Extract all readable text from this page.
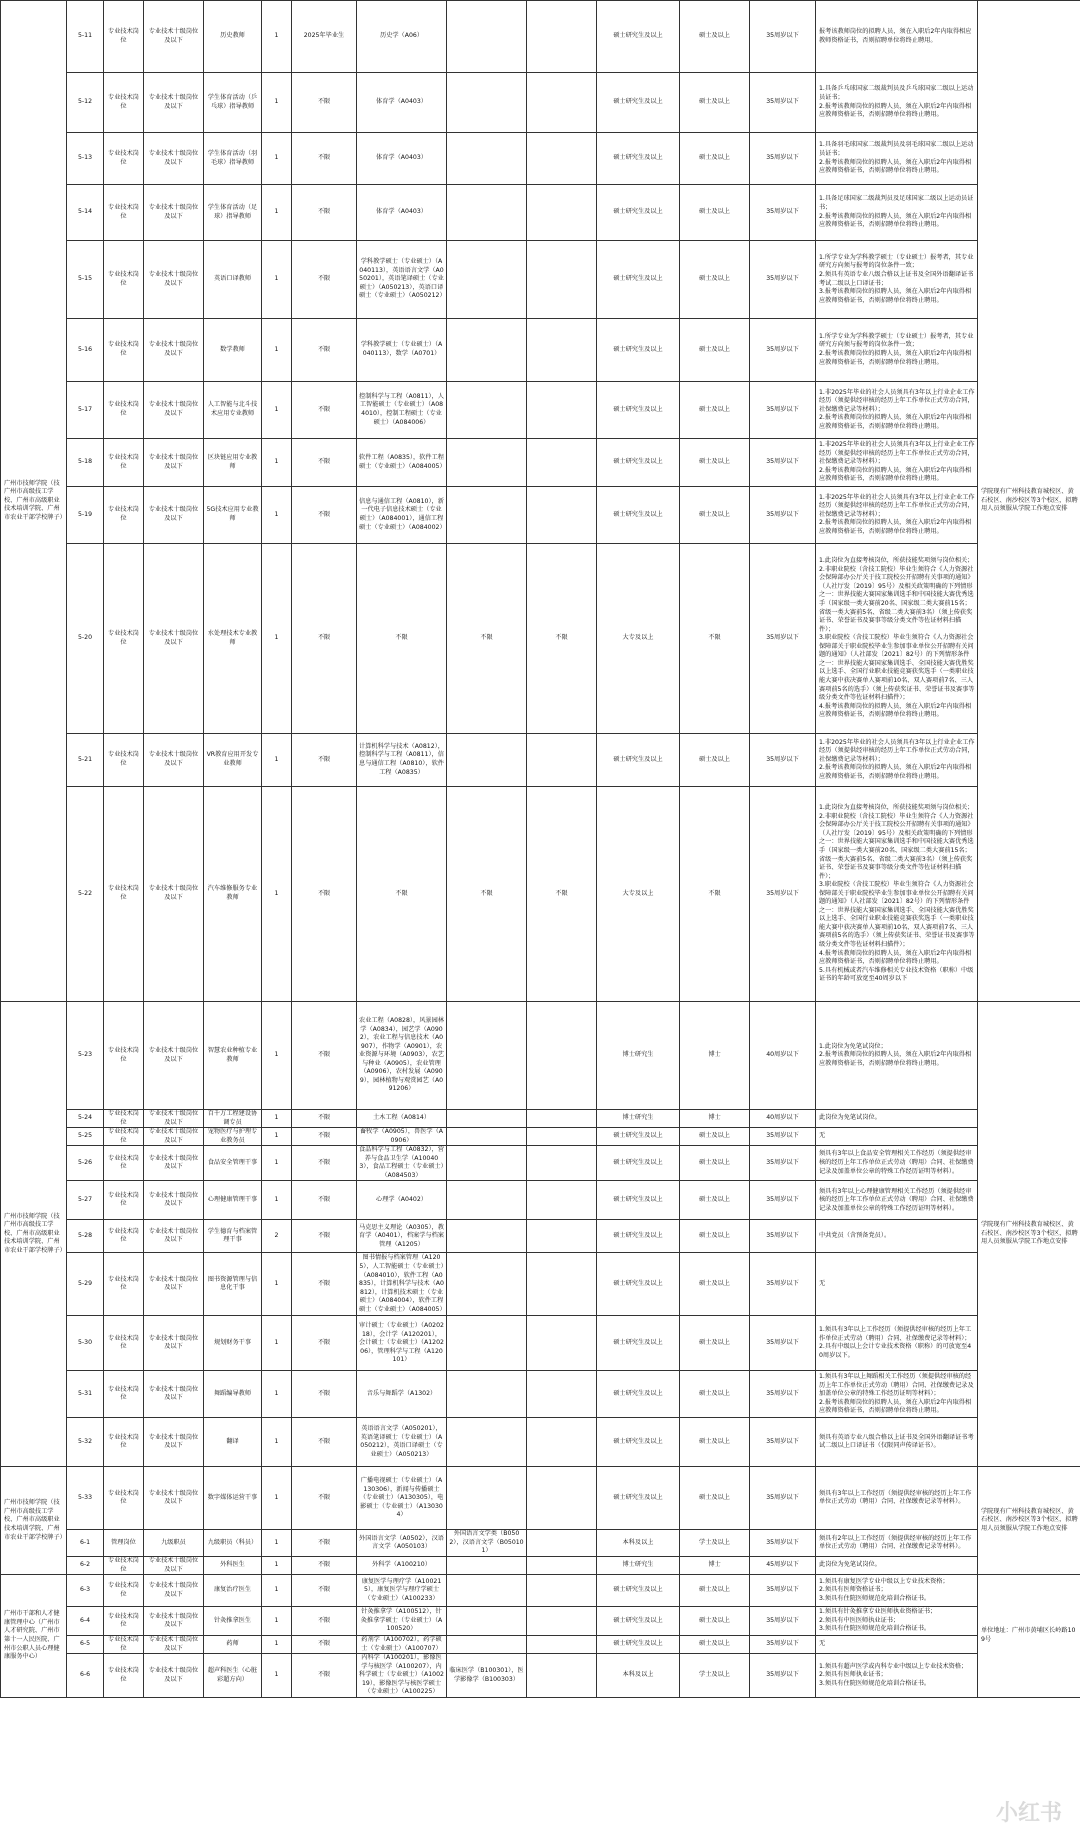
广州市技师学院（技广州市高级技工学校、广州市高级职业技术培训学院、广州市农业干部学校牌子）	5-11	专业技术岗位	专业技术十级岗位及以下	历史教师	1	2025年毕业生	历史学（A06）			硕士研究生及以上	硕士及以上	35周岁以下	报考该教师岗位的拟聘人员，须在入职后2年内取得相应教师资格证书，否则招聘单位将终止聘用。	学院现有广州科技教育城校区、黄石校区、南沙校区等3个校区，拟聘用人员须服从学院工作地点安排
	5-12	专业技术岗位	专业技术十级岗位及以下	学生体育活动（乒乓球）指导教师	1	不限	体育学（A0403）			硕士研究生及以上	硕士及以上	35周岁以下	1.具备乒乓球国家二级裁判员及乒乓球国家二级以上运动员证书；
2.报考该教师岗位的拟聘人员，须在入职后2年内取得相应教师资格证书，否则招聘单位将终止聘用。	
	5-13	专业技术岗位	专业技术十级岗位及以下	学生体育活动（羽毛球）指导教师	1	不限	体育学（A0403）			硕士研究生及以上	硕士及以上	35周岁以下	1.具备羽毛球国家二级裁判员及羽毛球国家二级以上运动员证书；
2.报考该教师岗位的拟聘人员，须在入职后2年内取得相应教师资格证书，否则招聘单位将终止聘用。	
	5-14	专业技术岗位	专业技术十级岗位及以下	学生体育活动（足球）指导教师	1	不限	体育学（A0403）			硕士研究生及以上	硕士及以上	35周岁以下	1.具备足球国家二级裁判员及足球国家二级以上运动员证书；
2.报考该教师岗位的拟聘人员，须在入职后2年内取得相应教师资格证书，否则招聘单位将终止聘用。	
	5-15	专业技术岗位	专业技术十级岗位及以下	英语口译教师	1	不限	学科教学硕士（专业硕士）（A040113），英语语言文学（A050201），英语笔译硕士（专业硕士）（A050213），英语口译硕士（专业硕士）（A050212）			硕士研究生及以上	硕士及以上	35周岁以下	1.所学专业为学科教学硕士（专业硕士）报考者，其专业研究方向须与报考的岗位条件一致；
2.须具有英语专业八级合格以上证书及全国外语翻译证书考试二级以上口译证书；
3.报考该教师岗位的拟聘人员，须在入职后2年内取得相应教师资格证书，否则招聘单位将终止聘用。	
	5-16	专业技术岗位	专业技术十级岗位及以下	数学教师	1	不限	学科教学硕士（专业硕士）（A040113），数学（A0701）			硕士研究生及以上	硕士及以上	35周岁以下	1.所学专业为学科教学硕士（专业硕士）报考者，其专业研究方向须与报考的岗位条件一致；
2.报考该教师岗位的拟聘人员，须在入职后2年内取得相应教师资格证书，否则招聘单位将终止聘用。	
	5-17	专业技术岗位	专业技术十级岗位及以下	人工智能与北斗技术应用专业教师	1	不限	控制科学与工程（A0811），人工智能硕士（专业硕士）（A084010），控制工程硕士（专业硕士）（A084006）			硕士研究生及以上	硕士及以上	35周岁以下	1.非2025年毕业的社会人员须具有3年以上行业企业工作经历（须提供经审核的经历上年工作单位正式劳动合同，社保缴费记录等材料）；
2.报考该教师岗位的拟聘人员，须在入职后2年内取得相应教师资格证书，否则招聘单位将终止聘用。	
	5-18	专业技术岗位	专业技术十级岗位及以下	区块链应用专业教师	1	不限	软件工程（A0835），软件工程硕士（专业硕士）（A084005）			硕士研究生及以上	硕士及以上	35周岁以下	1.非2025年毕业的社会人员须具有3年以上行业企业工作经历（须提供经审核的经历上年工作单位正式劳动合同，社保缴费记录等材料）；
2.报考该教师岗位的拟聘人员，须在入职后2年内取得相应教师资格证书，否则招聘单位将终止聘用。	
	5-19	专业技术岗位	专业技术十级岗位及以下	5G技术应用专业教师	1	不限	信息与通信工程（A0810），新一代电子信息技术硕士（专业硕士）（A084001），通信工程硕士（专业硕士）（A084002）			硕士研究生及以上	硕士及以上	35周岁以下	1.非2025年毕业的社会人员须具有3年以上行业企业工作经历（须提供经审核的经历上年工作单位正式劳动合同，社保缴费记录等材料）；
2.报考该教师岗位的拟聘人员，须在入职后2年内取得相应教师资格证书，否则招聘单位将终止聘用。	
	5-20	专业技术岗位	专业技术十级岗位及以下	水处理技术专业教师	1	不限	不限	不限	不限	大专及以上	不限	35周岁以下	1.此岗位为直接考核岗位，所获技能奖项须与岗位相关；
2.非职业院校（含技工院校）毕业生须符合《人力资源社会保障部办公厅关于技工院校公开招聘有关事项的通知》（人社厅发〔2019〕95号）及相关政策明确的下列情形之一：世界技能大赛国家集训选手和中国技能大赛优秀选手（国家级一类大赛前20名、国家级二类大赛前15名；省级一类大赛前5名、省级二类大赛前3名）（须上传获奖证书、荣誉证书及赛事等级分类文件等佐证材料扫描件）；
3.职业院校（含技工院校）毕业生须符合《人力资源社会保障部关于职业院校毕业生参加事业单位公开招聘有关问题的通知》（人社部发〔2021〕82号）的下列情形条件之一：世界技能大赛国家集训选手、全国技能大赛优胜奖以上选手、全国行业职业技能竞赛获奖选手（一类职业技能大赛中获决赛单人赛项前10名、双人赛项前7名、三人赛项前5名的选手）（须上传获奖证书、荣誉证书及赛事等级分类文件等佐证材料扫描件）；
4.报考该教师岗位的拟聘人员，须在入职后2年内取得相应教师资格证书，否则招聘单位将终止聘用。	
	5-21	专业技术岗位	专业技术十级岗位及以下	VR教育应用开发专业教师	1	不限	计算机科学与技术（A0812），控制科学与工程（A0811），信息与通信工程（A0810），软件工程（A0835）			硕士研究生及以上	硕士及以上	35周岁以下	1.非2025年毕业的社会人员须具有3年以上行业企业工作经历（须提供经审核的经历上年工作单位正式劳动合同，社保缴费记录等材料）；
2.报考该教师岗位的拟聘人员，须在入职后2年内取得相应教师资格证书，否则招聘单位将终止聘用。	
	5-22	专业技术岗位	专业技术十级岗位及以下	汽车维修服务专业教师	1	不限	不限	不限	不限	大专及以上	不限	35周岁以下	1.此岗位为直接考核岗位，所获技能奖项须与岗位相关；
2.非职业院校（含技工院校）毕业生须符合《人力资源社会保障部办公厅关于技工院校公开招聘有关事项的通知》（人社厅发〔2019〕95号）及相关政策明确的下列情形之一：世界技能大赛国家集训选手和中国技能大赛优秀选手（国家级一类大赛前20名、国家级二类大赛前15名；省级一类大赛前5名、省级二类大赛前3名）（须上传获奖证书、荣誉证书及赛事等级分类文件等佐证材料扫描件）；
3.职业院校（含技工院校）毕业生须符合《人力资源社会保障部关于职业院校毕业生参加事业单位公开招聘有关问题的通知》（人社部发〔2021〕82号）的下列情形条件之一：世界技能大赛国家集训选手、全国技能大赛优胜奖以上选手、全国行业职业技能竞赛获奖选手（一类职业技能大赛中获决赛单人赛项前10名、双人赛项前7名、三人赛项前5名的选手）（须上传获奖证书、荣誉证书及赛事等级分类文件等佐证材料扫描件）；
4.报考该教师岗位的拟聘人员，须在入职后2年内取得相应教师资格证书，否则招聘单位将终止聘用。
5.具有机械或者汽车维修相关专业技术资格（职称）中级证书的年龄可放宽至40周岁以下	
广州市技师学院（技广州市高级技工学校、广州市高级职业技术培训学院、广州市农业干部学校牌子）	5-23	专业技术岗位	专业技术十级岗位及以下	智慧农业种植专业教师	1	不限	农业工程（A0828），风景园林学（A0834），园艺学（A0902），农业工程与信息技术（A0907），作物学（A0901），农业资源与环境（A0903），农艺与种业（A0905），农业管理（A0906），农村发展（A0909），园林植物与观赏园艺（A091206）			博士研究生	博士	40周岁以下	1.此岗位为免笔试岗位；
2.报考该教师岗位的拟聘人员，须在入职后2年内取得相应教师资格证书，否则招聘单位将终止聘用。	学院现有广州科技教育城校区、黄石校区、南沙校区等3个校区，拟聘用人员须服从学院工作地点安排
	5-24	专业技术岗位	专业技术十级岗位及以下	百千万工程建设协调专员	1	不限	土木工程（A0814）			博士研究生	博士	40周岁以下	此岗位为免笔试岗位。	
	5-25	专业技术岗位	专业技术十级岗位及以下	宠物医疗与护理专业教务员	1	不限	畜牧学（A0905），兽医学（A0906）			硕士研究生及以上	硕士及以上	35周岁以下	无	
	5-26	专业技术岗位	专业技术十级岗位及以下	食品安全管理干事	1	不限	食品科学与工程（A0832），营养与食品卫生学（A100403），食品工程硕士（专业硕士）（A084503）			硕士研究生及以上	硕士及以上	35周岁以下	须具有3年以上食品安全管理相关工作经历（须提供经审核的经历上年工作单位正式劳动（聘用）合同、社保缴费记录及加盖单位公章的特殊工作经历证明等材料）。	
	5-27	专业技术岗位	专业技术十级岗位及以下	心理健康管理干事	1	不限	心理学（A0402）			硕士研究生及以上	硕士及以上	35周岁以下	须具有3年以上心理健康管理相关工作经历（须提供经审核的经历上年工作单位正式劳动（聘用）合同、社保缴费记录及加盖单位公章的特殊工作经历证明等材料）。	
	5-28	专业技术岗位	专业技术十级岗位及以下	学生德育与档案管理干事	2	不限	马克思主义理论（A0305），教育学（A0401），档案学与档案管理（A1205）			硕士研究生及以上	硕士及以上	35周岁以下	中共党员（含预备党员）。	
	5-29	专业技术岗位	专业技术十级岗位及以下	图书资源管理与信息化干事	1	不限	图书情报与档案管理（A1205），人工智能硕士（专业硕士）（A084010），软件工程（A0835），计算机科学与技术（A0812），计算机技术硕士（专业硕士）（A084004），软件工程硕士（专业硕士）（A084005）			硕士研究生及以上	硕士及以上	35周岁以下	无	
	5-30	专业技术岗位	专业技术十级岗位及以下	规划财务干事	1	不限	审计硕士（专业硕士）（A020218），会计学（A120201），会计硕士（专业硕士）（A120206），管理科学与工程（A120101）			硕士研究生及以上	硕士及以上	35周岁以下	1.须具有3年以上工作经历（须提供经审核的经历上年工作单位正式劳动（聘用）合同、社保缴费记录等材料）；
2.具有中级以上会计专业技术资格（职称）的可放宽至40周岁以下。	
	5-31	专业技术岗位	专业技术十级岗位及以下	舞蹈编导教师	1	不限	音乐与舞蹈学（A1302）			硕士研究生及以上	硕士及以上	35周岁以下	1.须具有3年以上舞蹈相关工作经历（须提供经审核的经历上年工作单位正式劳动（聘用）合同、社保缴费记录及加盖单位公章的特殊工作经历证明等材料）；
2.报考该教师岗位的拟聘人员，须在入职后2年内取得相应教师资格证书，否则招聘单位将终止聘用。	
	5-32	专业技术岗位	专业技术十级岗位及以下	翻译	1	不限	英语语言文学（A050201），英语笔译硕士（专业硕士）（A050212），英语口译硕士（专业硕士）（A050213）			硕士研究生及以上	硕士及以上	35周岁以下	须具有英语专业八级合格以上证书及全国外语翻译证书考试二级以上口译证书（仅限同声传译证书）。	
广州市技师学院（技广州市高级技工学校、广州市高级职业技术培训学院、广州市农业干部学校牌子）	5-33	专业技术岗位	专业技术十级岗位及以下	数字媒体运营干事	1	不限	广播电视硕士（专业硕士）（A130306），新闻与传播硕士（专业硕士）（A130305），电影硕士（专业硕士）（A130304）			硕士研究生及以上	硕士及以上	35周岁以下	须具有3年以上工作经历（须提供经审核的经历上年工作单位正式劳动（聘用）合同、社保缴费记录等材料）。	学院现有广州科技教育城校区、黄石校区、南沙校区等3个校区，拟聘用人员须服从学院工作地点安排
	6-1	管理岗位	九级职员	九级职员（科员）	1	不限	外国语言文学（A0502），汉语言文学（A050103）	外国语言文学类（B0502），汉语言文学（B050101）		本科及以上	学士及以上	35周岁以下	须具有2年以上工作经历（须提供经审核的经历上年工作单位正式劳动（聘用）合同、社保缴费记录等材料）。	
	6-2	专业技术岗位	专业技术十级岗位及以下	外科医生	1	不限	外科学（A100210）			博士研究生	博士	45周岁以下	此岗位为免笔试岗位。	
广州市干部和人才健康管理中心（广州市人才研究院、广州市第十一人民医院、广州市公职人员心理健康服务中心）	6-3	专业技术岗位	专业技术十级岗位及以下	康复治疗医生	1	不限	康复医学与理疗学（A100215），康复医学与理疗学硕士（专业硕士）（A100233）			硕士研究生及以上	硕士及以上	35周岁以下	1.须具有康复医学专业中级以上专业技术资格；
2.须具有医师资格证书；
3.须具有住院医师规范化培训合格证书。	单位地址：广州市黄埔区长岭路109号
	6-4	专业技术岗位	专业技术十级岗位及以下	针灸推拿医生	1	不限	针灸推拿学（A100512），针灸推拿学硕士（专业硕士）（A100520）			硕士研究生及以上	硕士及以上	35周岁以下	1.须具有针灸推拿专业医师执业资格证书；
2.须具有中医医师执业证书；
3.须具有住院医师规范化培训合格证书。	
	6-5	专业技术岗位	专业技术十级岗位及以下	药师	1	不限	药剂学（A100702），药学硕士（专业硕士）（A100707）			硕士研究生及以上	硕士及以上	35周岁以下	无	
	6-6	专业技术岗位	专业技术十级岗位及以下	超声科医生（心脏彩超方向）	1	不限	内科学（A100201），影像医学与核医学（A100207），内科学硕士（专业硕士）（A100219），影像医学与核医学硕士（专业硕士）（A100225）	临床医学（B100301），医学影像学（B100303）		本科及以上	学士及以上	35周岁以下	1.须具有超声医学或内科专业中级以上专业技术资格；
2.须具有医师执业证书；
3.须具有住院医师规范化培训合格证书。	
小红书
